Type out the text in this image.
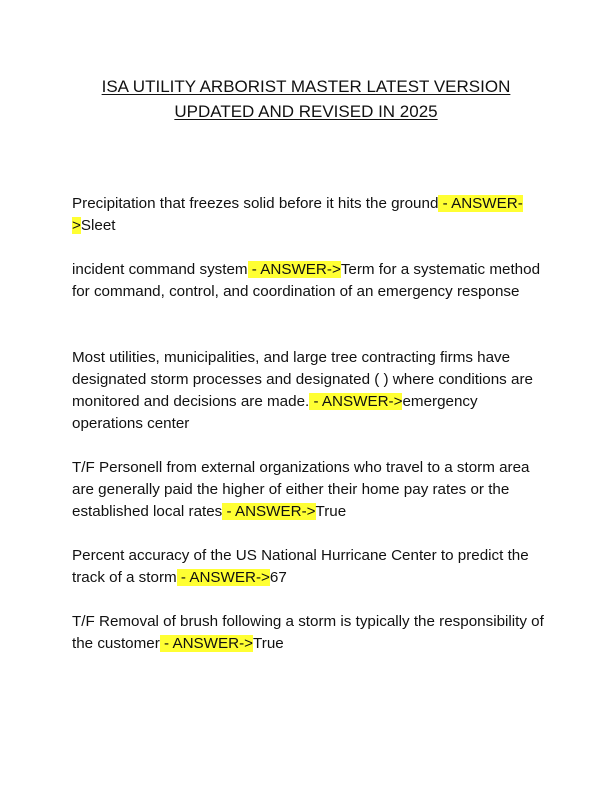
ISA UTILITY ARBORIST MASTER LATEST VERSION UPDATED AND REVISED IN 2025

Precipitation that freezes solid before it hits the ground - ANSWER->Sleet

incident command system - ANSWER->Term for a systematic method for command, control, and coordination of an emergency response

Most utilities, municipalities, and large tree contracting firms have designated storm processes and designated ( ) where conditions are monitored and decisions are made. - ANSWER->emergency operations center

T/F Personell from external organizations who travel to a storm area are generally paid the higher of either their home pay rates or the established local rates - ANSWER->True

Percent accuracy of the US National Hurricane Center to predict the track of a storm - ANSWER->67

T/F Removal of brush following a storm is typically the responsibility of the customer - ANSWER->True
